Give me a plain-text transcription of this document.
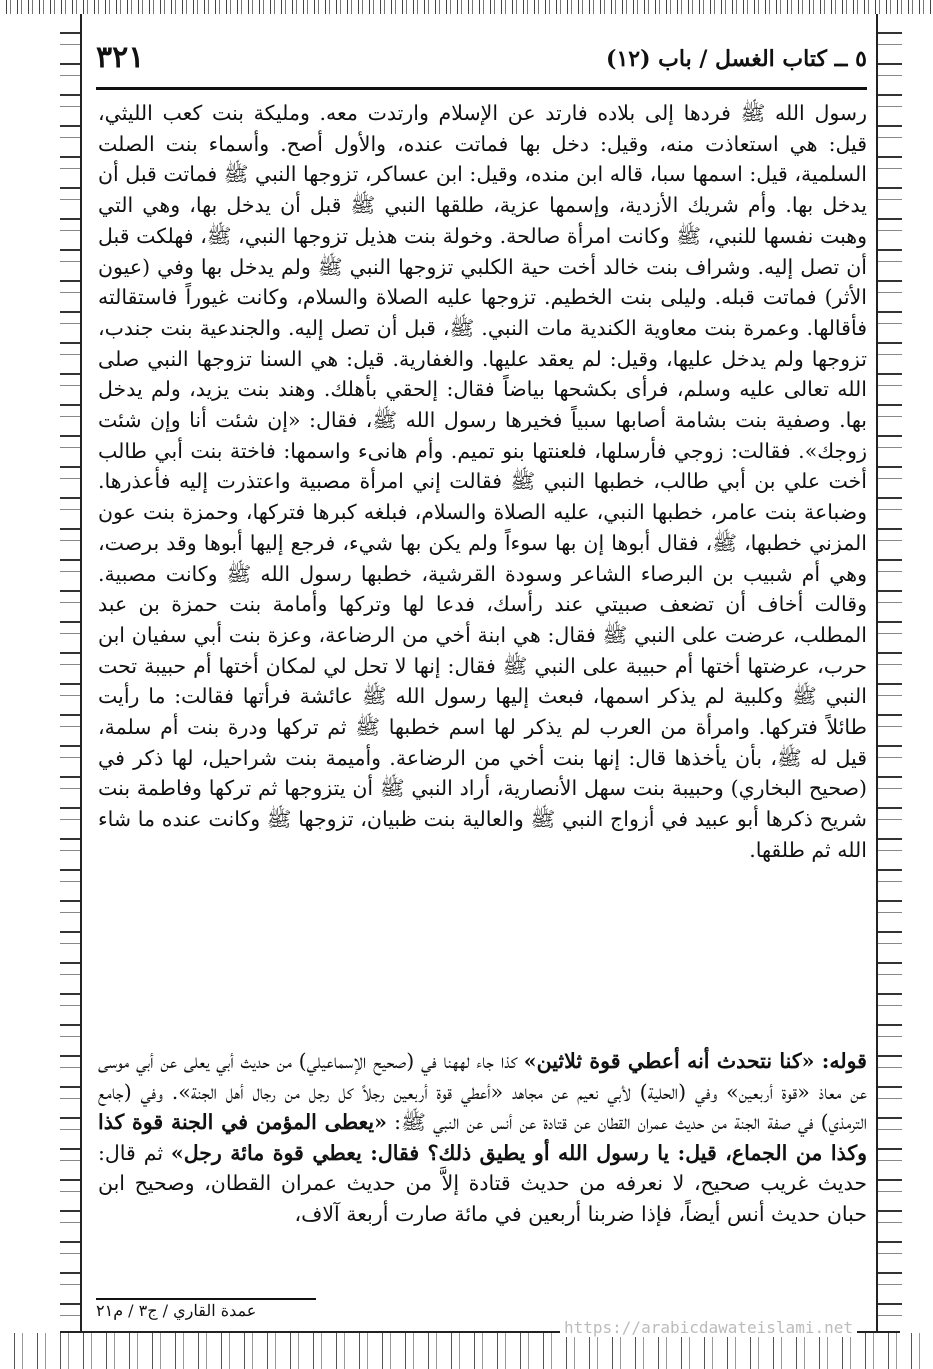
٥ ــ كتاب الغسل / باب (١٢)
٣٢١

رسول الله ﷺ فردها إلى بلاده فارتد عن الإسلام وارتدت معه. ومليكة بنت كعب الليثي، قيل: هي استعاذت منه، وقيل: دخل بها فماتت عنده، والأول أصح. وأسماء بنت الصلت السلمية، قيل: اسمها سبا، قاله ابن منده، وقيل: ابن عساكر، تزوجها النبي ﷺ فماتت قبل أن يدخل بها. وأم شريك الأزدية، وإسمها عزية، طلقها النبي ﷺ قبل أن يدخل بها، وهي التي وهبت نفسها للنبي، ﷺ وكانت امرأة صالحة. وخولة بنت هذيل تزوجها النبي، ﷺ، فهلكت قبل أن تصل إليه. وشراف بنت خالد أخت حية الكلبي تزوجها النبي ﷺ ولم يدخل بها وفي (عيون الأثر) فماتت قبله. وليلى بنت الخطيم. تزوجها عليه الصلاة والسلام، وكانت غيوراً فاستقالته فأقالها. وعمرة بنت معاوية الكندية مات النبي. ﷺ، قبل أن تصل إليه. والجندعية بنت جندب، تزوجها ولم يدخل عليها، وقيل: لم يعقد عليها. والغفارية. قيل: هي السنا تزوجها النبي صلى الله تعالى عليه وسلم، فرأى بكشحها بياضاً فقال: إلحقي بأهلك. وهند بنت يزيد، ولم يدخل بها. وصفية بنت بشامة أصابها سبياً فخيرها رسول الله ﷺ، فقال: «إن شئت أنا وإن شئت زوجك». فقالت: زوجي فأرسلها، فلعنتها بنو تميم. وأم هانىء واسمها: فاختة بنت أبي طالب أخت علي بن أبي طالب، خطبها النبي ﷺ فقالت إني امرأة مصبية واعتذرت إليه فأعذرها. وضباعة بنت عامر، خطبها النبي، عليه الصلاة والسلام، فبلغه كبرها فتركها، وحمزة بنت عون المزني خطبها، ﷺ، فقال أبوها إن بها سوءاً ولم يكن بها شيء، فرجع إليها أبوها وقد برصت، وهي أم شبيب بن البرصاء الشاعر وسودة القرشية، خطبها رسول الله ﷺ وكانت مصبية. وقالت أخاف أن تضعف صبيتي عند رأسك، فدعا لها وتركها وأمامة بنت حمزة بن عبد المطلب، عرضت على النبي ﷺ فقال: هي ابنة أخي من الرضاعة، وعزة بنت أبي سفيان ابن حرب، عرضتها أختها أم حبيبة على النبي ﷺ فقال: إنها لا تحل لي لمكان أختها أم حبيبة تحت النبي ﷺ وكلبية لم يذكر اسمها، فبعث إليها رسول الله ﷺ عائشة فرأتها فقالت: ما رأيت طائلاً فتركها. وامرأة من العرب لم يذكر لها اسم خطبها ﷺ ثم تركها ودرة بنت أم سلمة، قيل له ﷺ، بأن يأخذها قال: إنها بنت أخي من الرضاعة. وأميمة بنت شراحيل، لها ذكر في (صحيح البخاري) وحبيبة بنت سهل الأنصارية، أراد النبي ﷺ أن يتزوجها ثم تركها وفاطمة بنت شريح ذكرها أبو عبيد في أزواج النبي ﷺ والعالية بنت ظبيان، تزوجها ﷺ وكانت عنده ما شاء الله ثم طلقها.

قوله: «كنا نتحدث أنه أعطي قوة ثلاثين» كذا جاء لههنا في (صحيح الإسماعيلي) من حديث أبي يعلى عن أبي موسى عن معاذ «قوة أربعين» وفي (الحلية) لأبي نعيم عن مجاهد «أعطي قوة أربعين رجلاً كل رجل من رجال أهل الجنة». وفي (جامع الترمذي) في صفة الجنة من حديث عمران القطان عن قتادة عن أنس عن النبي ﷺ: «يعطى المؤمن في الجنة قوة كذا وكذا من الجماع، قيل: يا رسول الله أو يطيق ذلك؟ فقال: يعطي قوة مائة رجل» ثم قال: حديث غريب صحيح، لا نعرفه من حديث قتادة إلاَّ من حديث عمران القطان، وصحيح ابن حبان حديث أنس أيضاً، فإذا ضربنا أربعين في مائة صارت أربعة آلاف،

عمدة القاري / ج٣ / م٢١
https://arabicdawateislami.net
